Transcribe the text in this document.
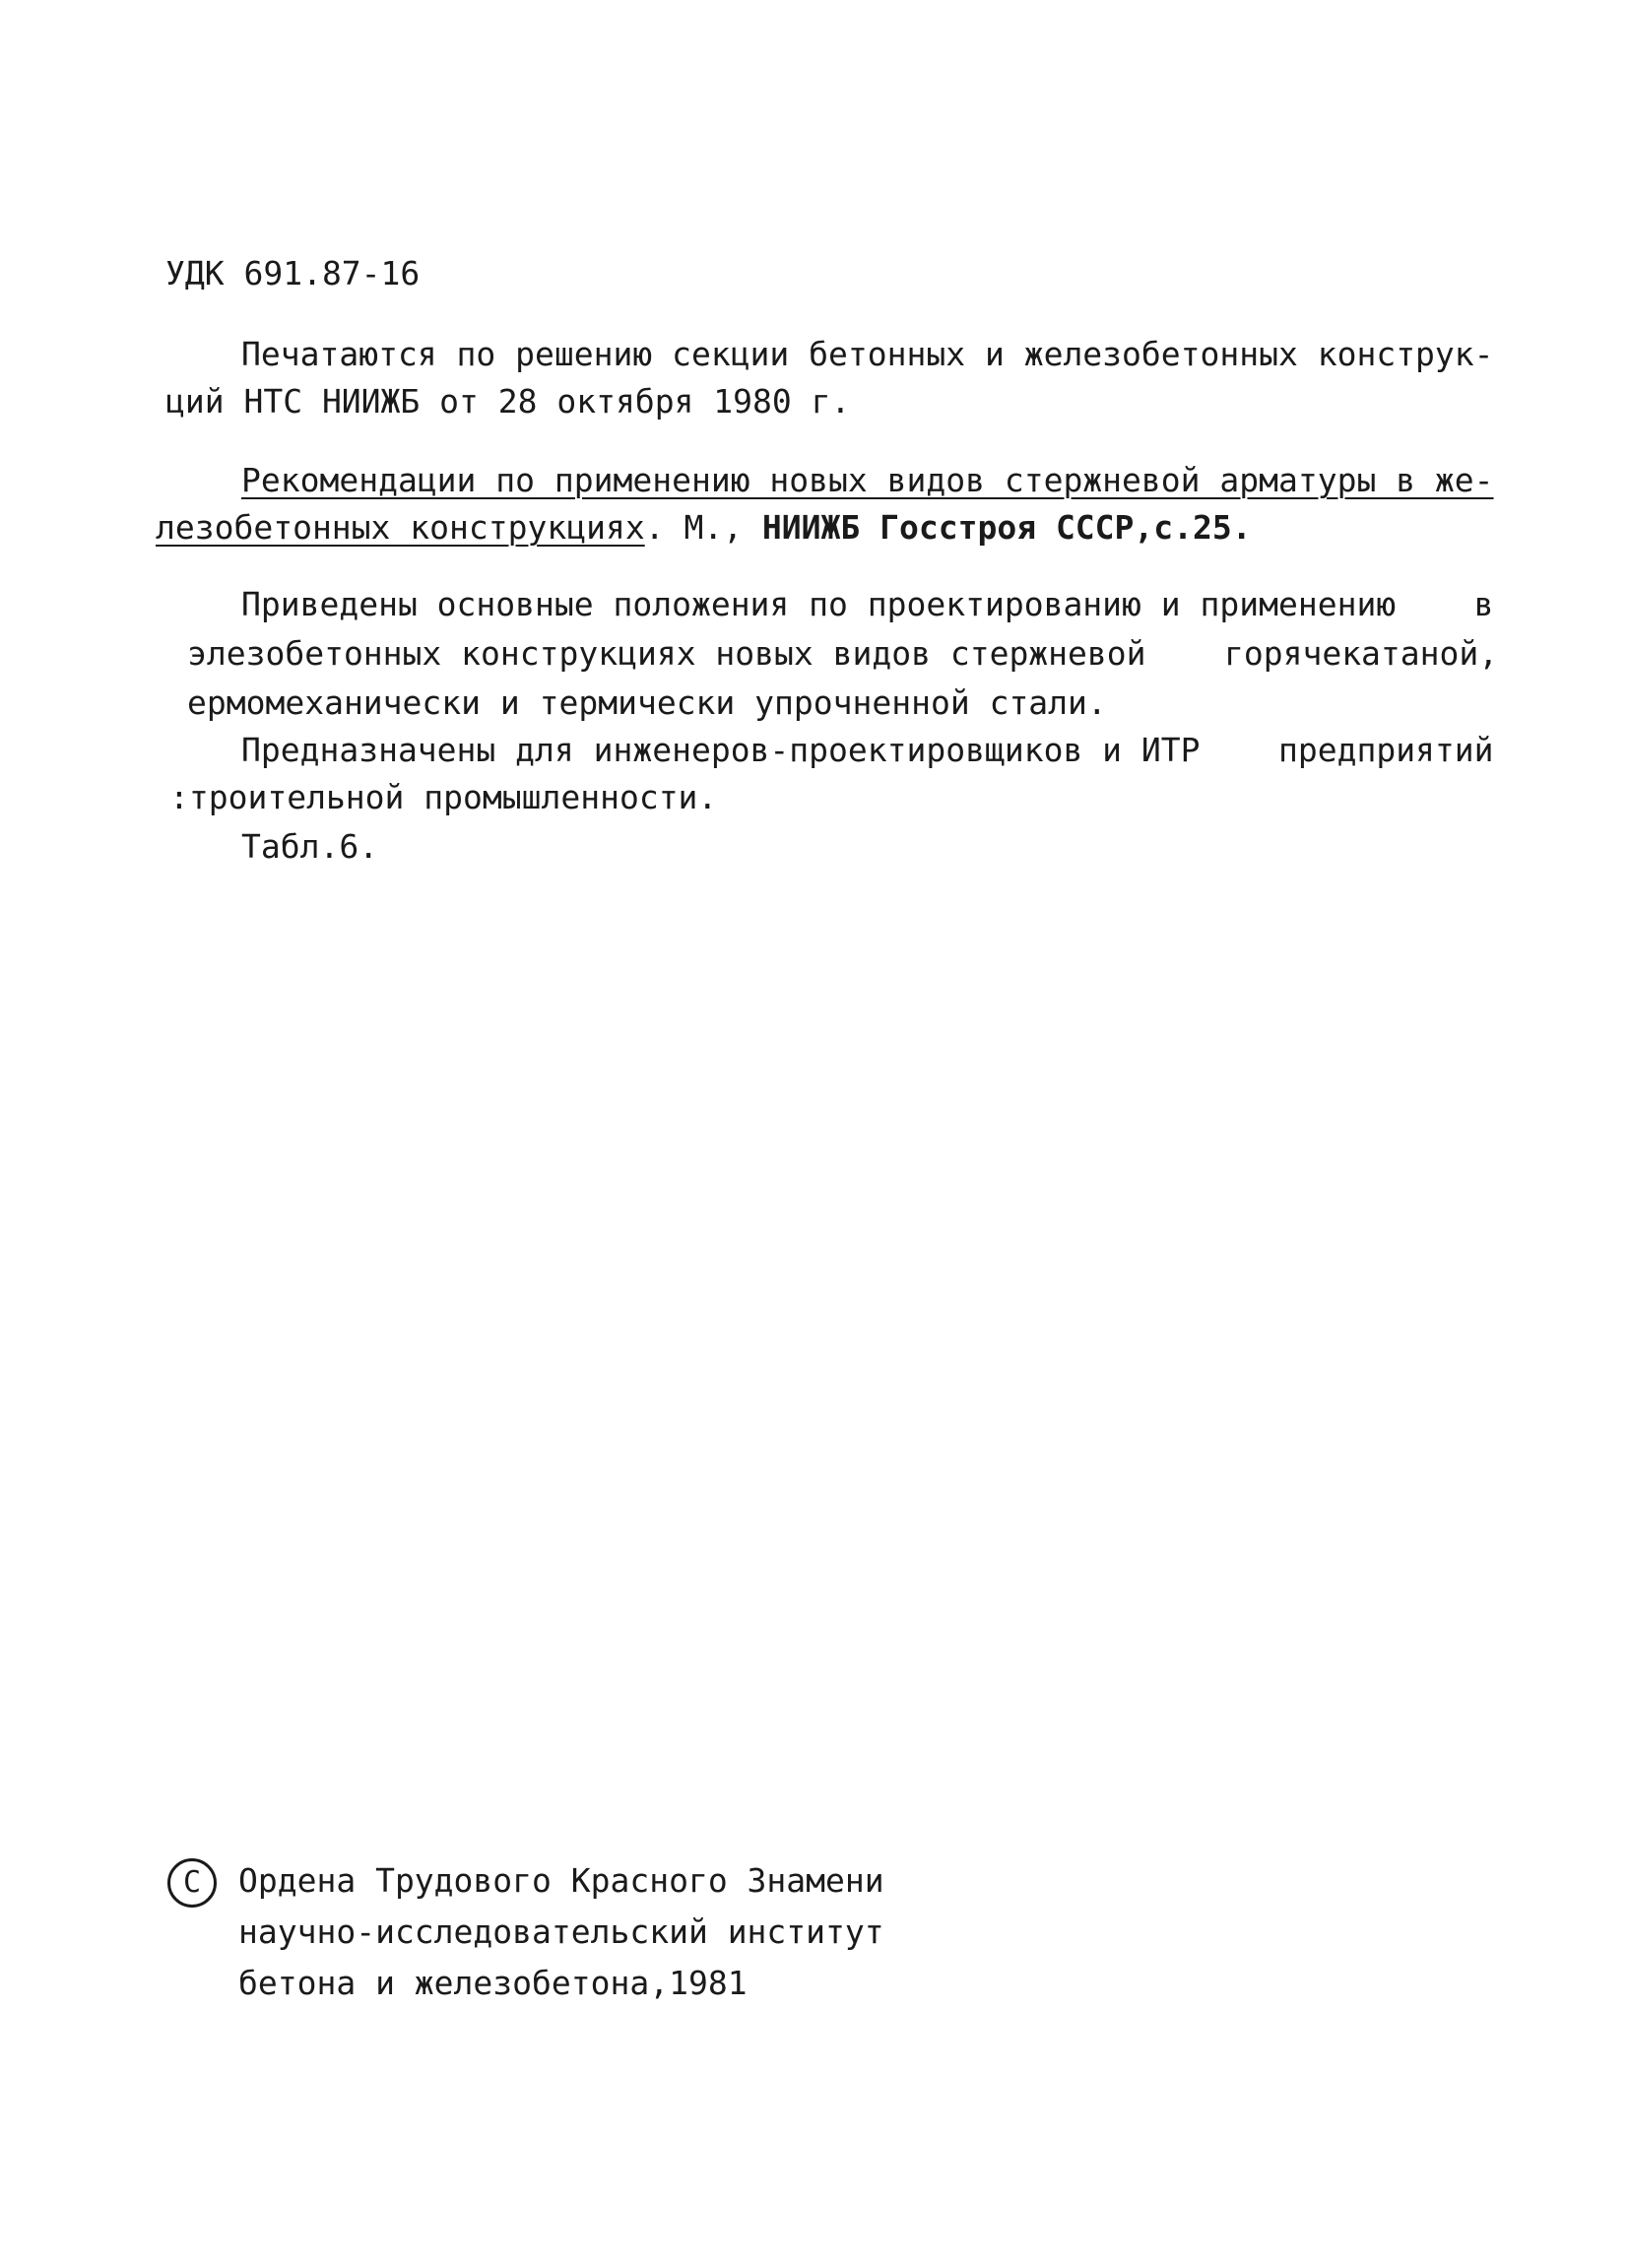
УДК 691.87-16
Печатаются по решению секции бетонных и железобетонных конструк-
ций НТС НИИЖБ от 28 октября 1980 г.
Рекомендации по применению новых видов стержневой арматуры в же-
лезобетонных конструкциях. М., НИИЖБ Госстроя СССР,с.25.
Приведены основные положения по проектированию и применению    в
элезобетонных конструкциях новых видов стержневой    горячекатаной,
ермомеханически и термически упрочненной стали.
Предназначены для инженеров-проектировщиков и ИТР    предприятий
:троительной промышленности.
Табл.6.
C	Ордена Трудового Красного Знамени
научно-исследовательский институт
бетона и железобетона,1981
